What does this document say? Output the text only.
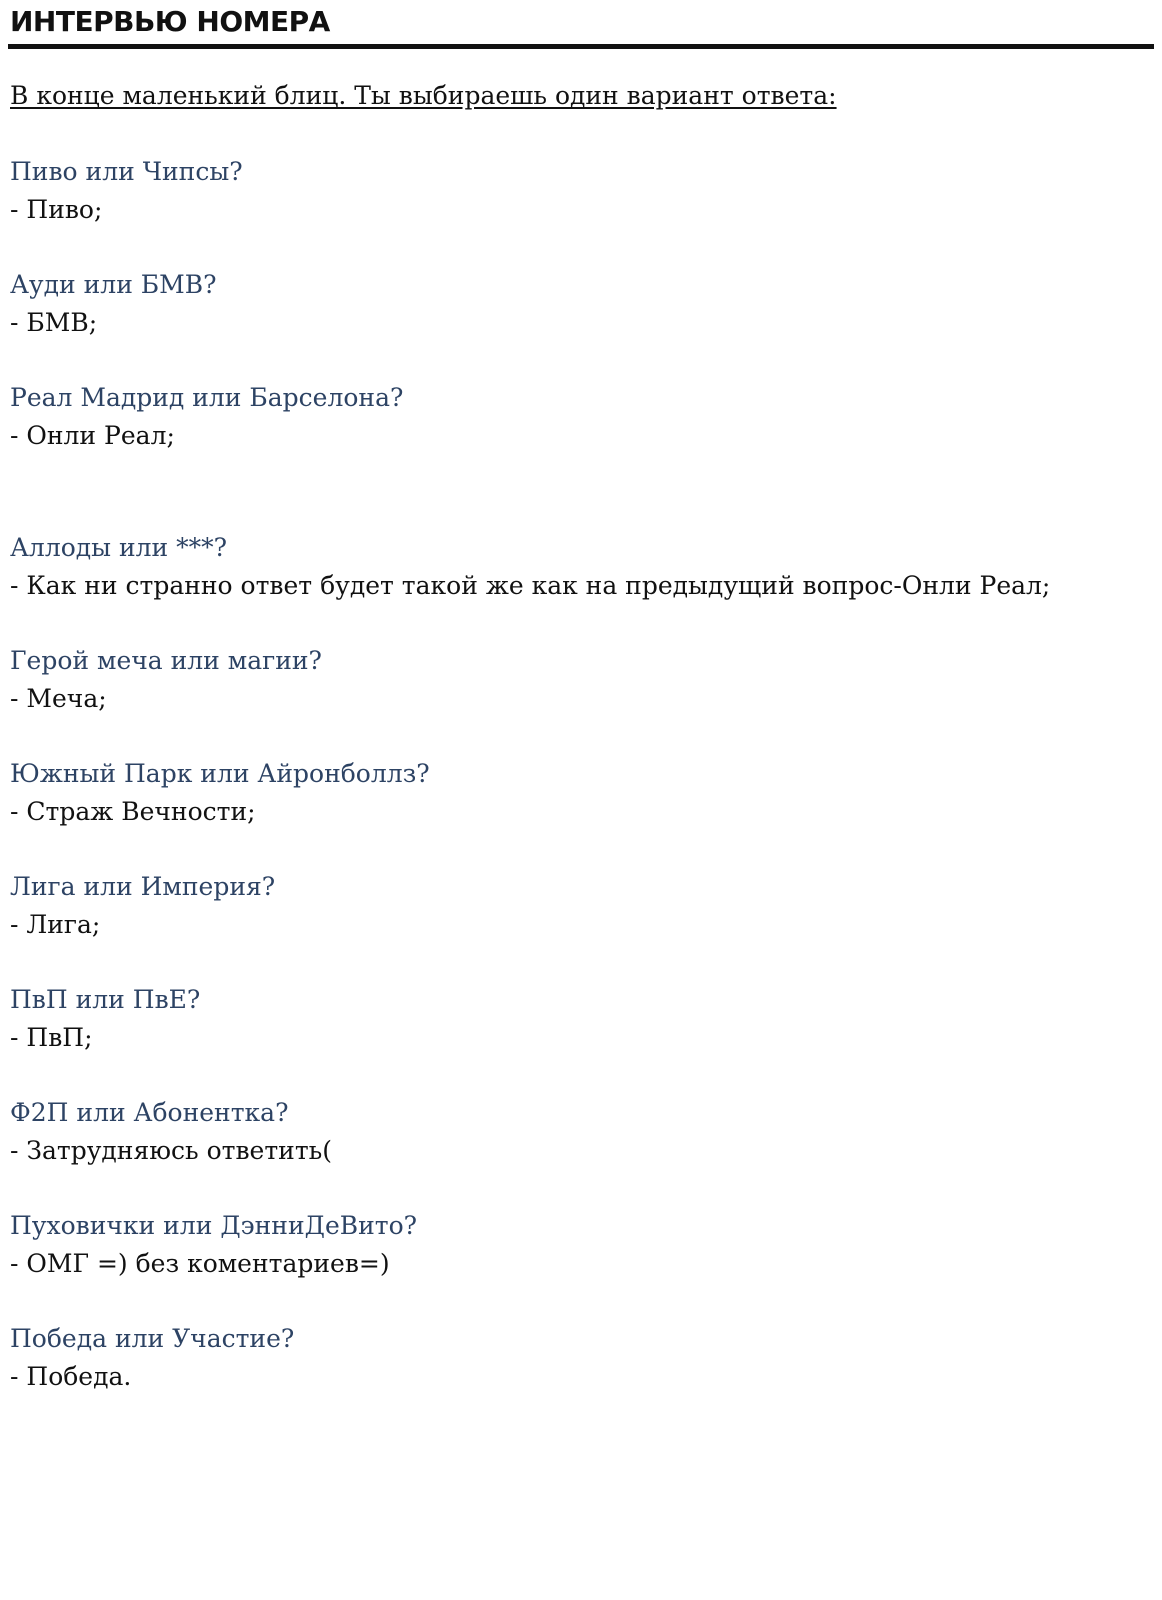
ИНТЕРВЬЮ НОМЕРА
В конце маленький блиц. Ты выбираешь один вариант ответа:
Пиво или Чипсы?
- Пиво;
Ауди или БМВ?
- БМВ;
Реал Мадрид или Барселона?
- Онли Реал;
Аллоды или ***?
- Как ни странно ответ будет такой же как на предыдущий вопрос-Онли Реал;
Герой меча или магии?
- Меча;
Южный Парк или Айронболлз?
- Страж Вечности;
Лига или Империя?
- Лига;
ПвП или ПвЕ?
- ПвП;
Ф2П или Абонентка?
- Затрудняюсь ответить(
Пуховички или ДэнниДеВито?
- ОМГ =) без коментариев=)
Победа или Участие?
- Победа.
